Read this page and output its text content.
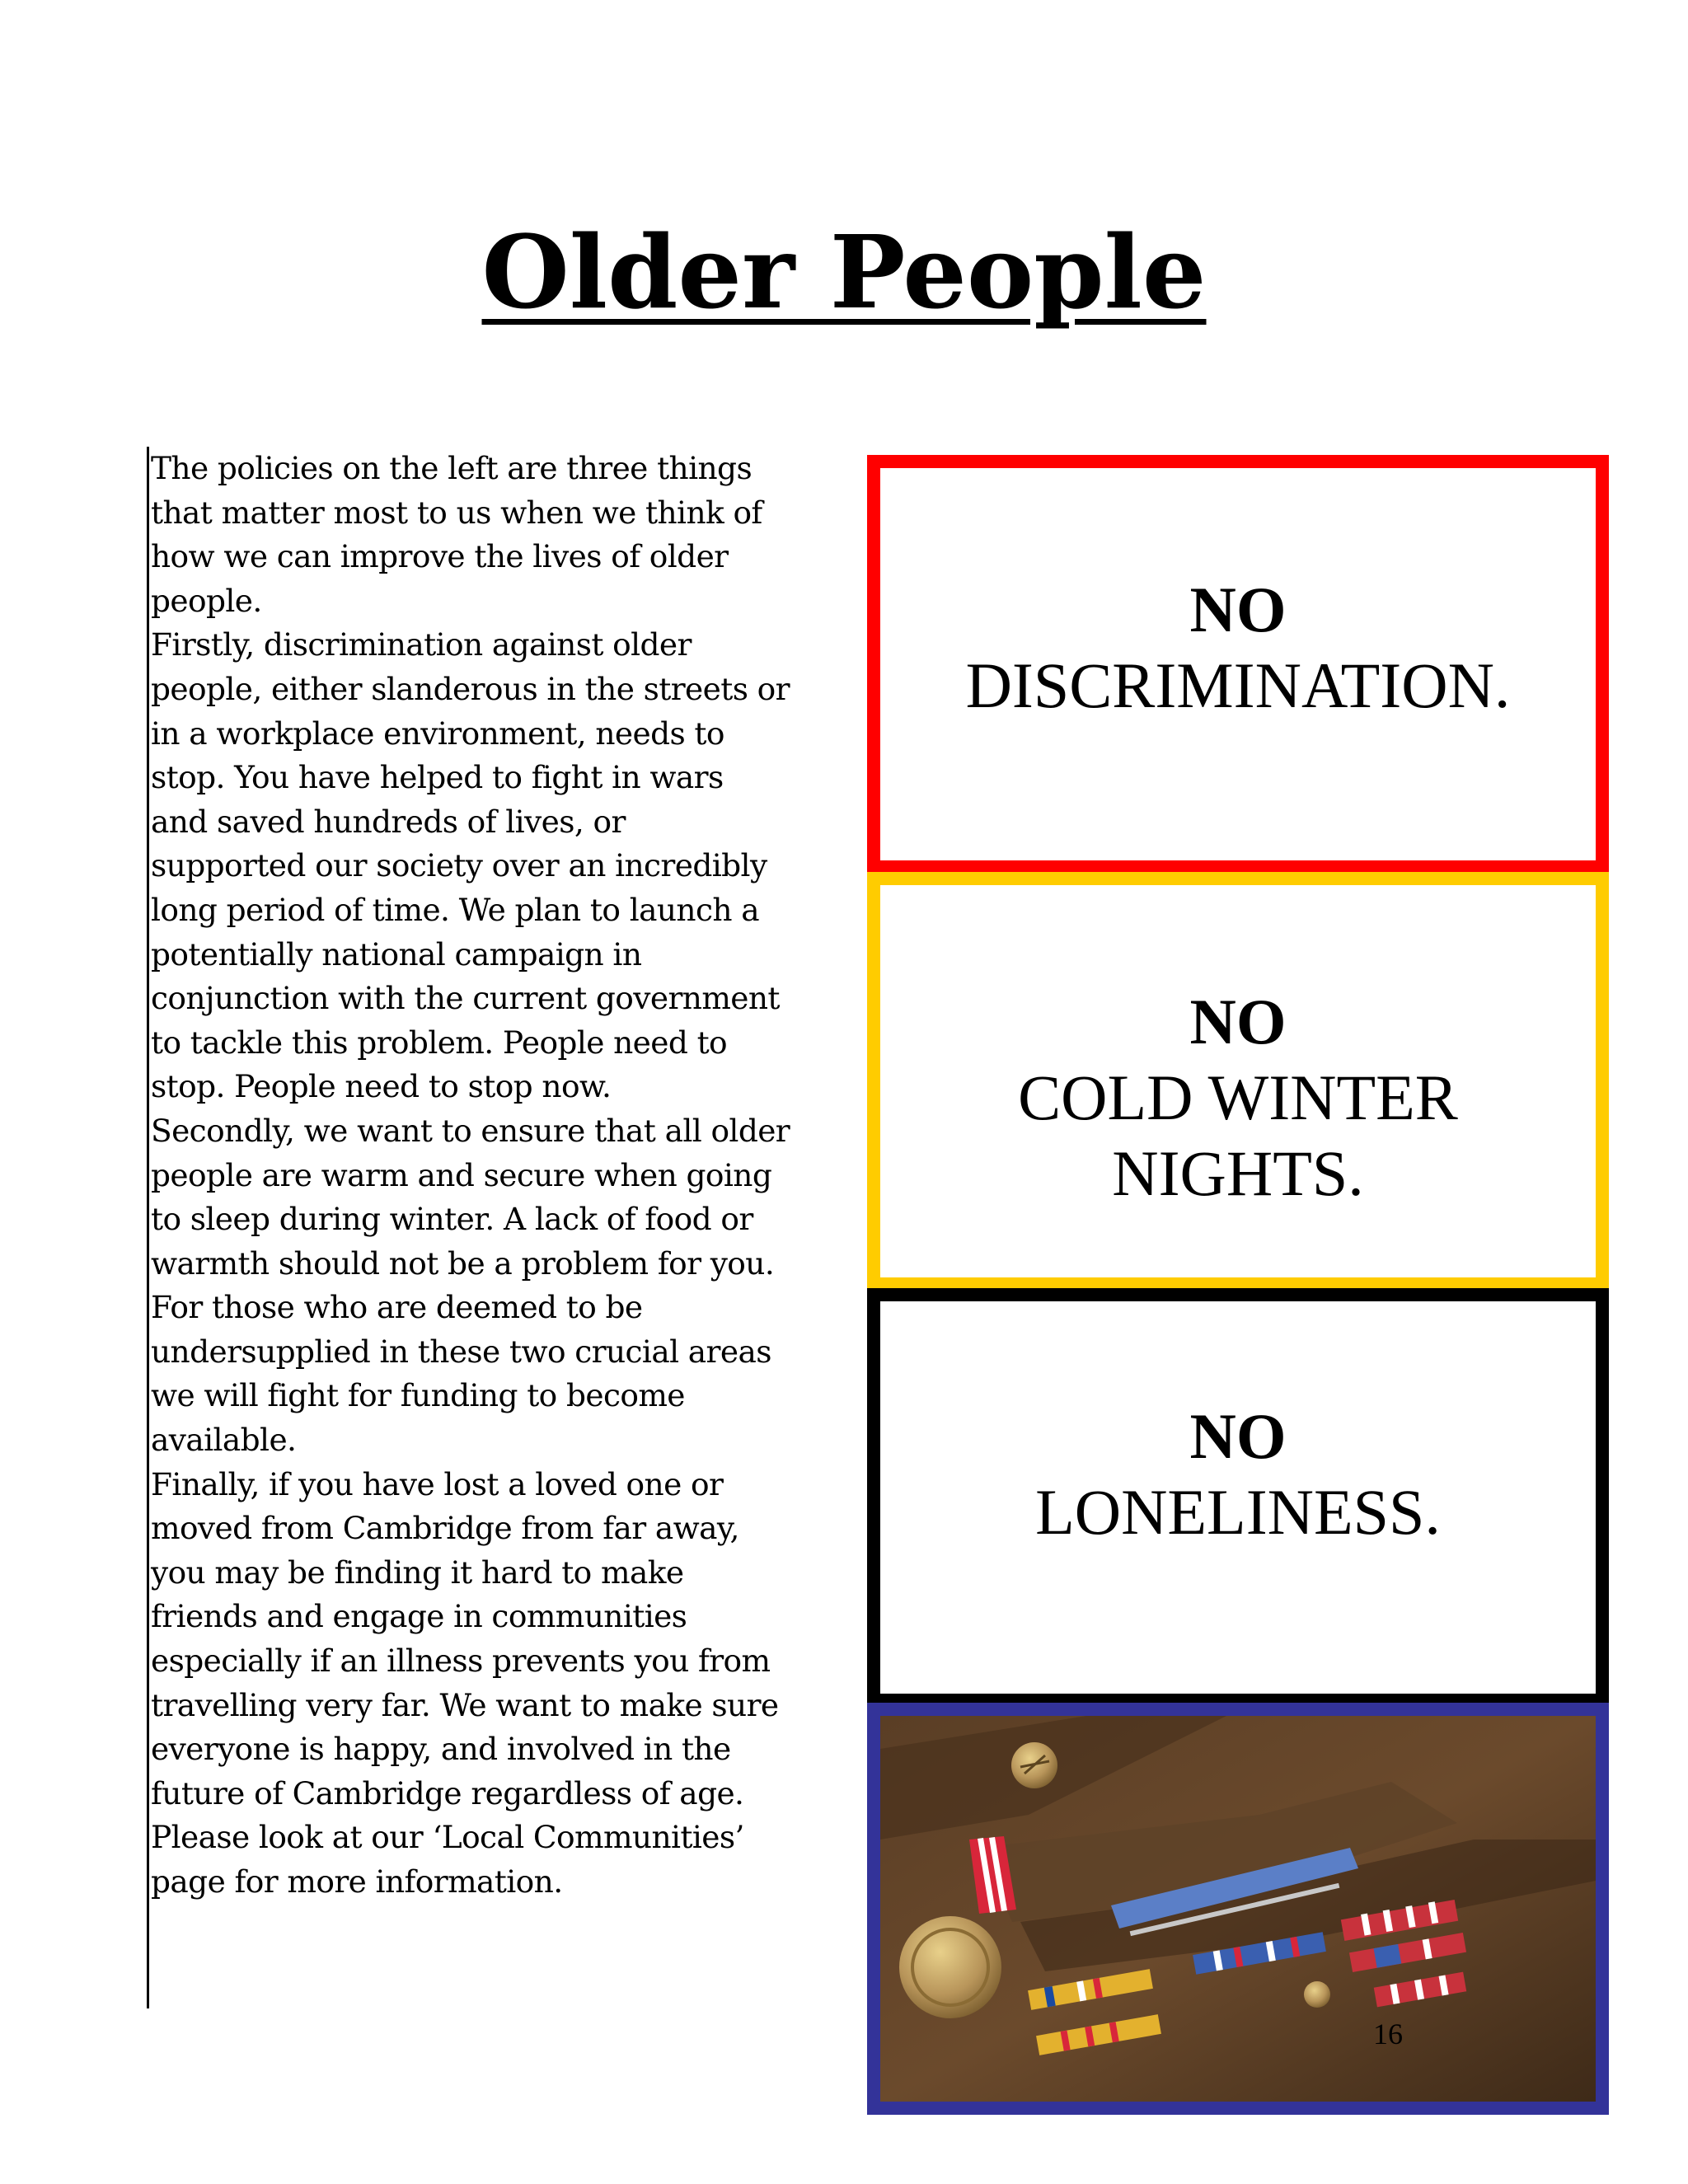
Older People

The policies on the left are three things

that matter most to us when we think of

how we can improve the lives of older

people.

Firstly, discrimination against older

people, either slanderous in the streets or

in a workplace environment, needs to

stop. You have helped to fight in wars

and saved hundreds of lives, or

supported our society over an incredibly

long period of time. We plan to launch a

potentially national campaign in

conjunction with the current government

to tackle this problem. People need to

stop. People need to stop now.

Secondly, we want to ensure that all older

people are warm and secure when going

to sleep during winter. A lack of food or

warmth should not be a problem for you.

For those who are deemed to be

undersupplied in these two crucial areas

we will fight for funding to become

available.

Finally, if you have lost a loved one or

moved from Cambridge from far away,

you may be finding it hard to make

friends and engage in communities

especially if an illness prevents you from

travelling very far. We want to make sure

everyone is happy, and involved in the

future of Cambridge regardless of age.

Please look at our ‘Local Communities’

page for more information.

NO
DISCRIMINATION.
NO
COLD WINTER
NIGHTS.
NO
LONELINESS.
16
